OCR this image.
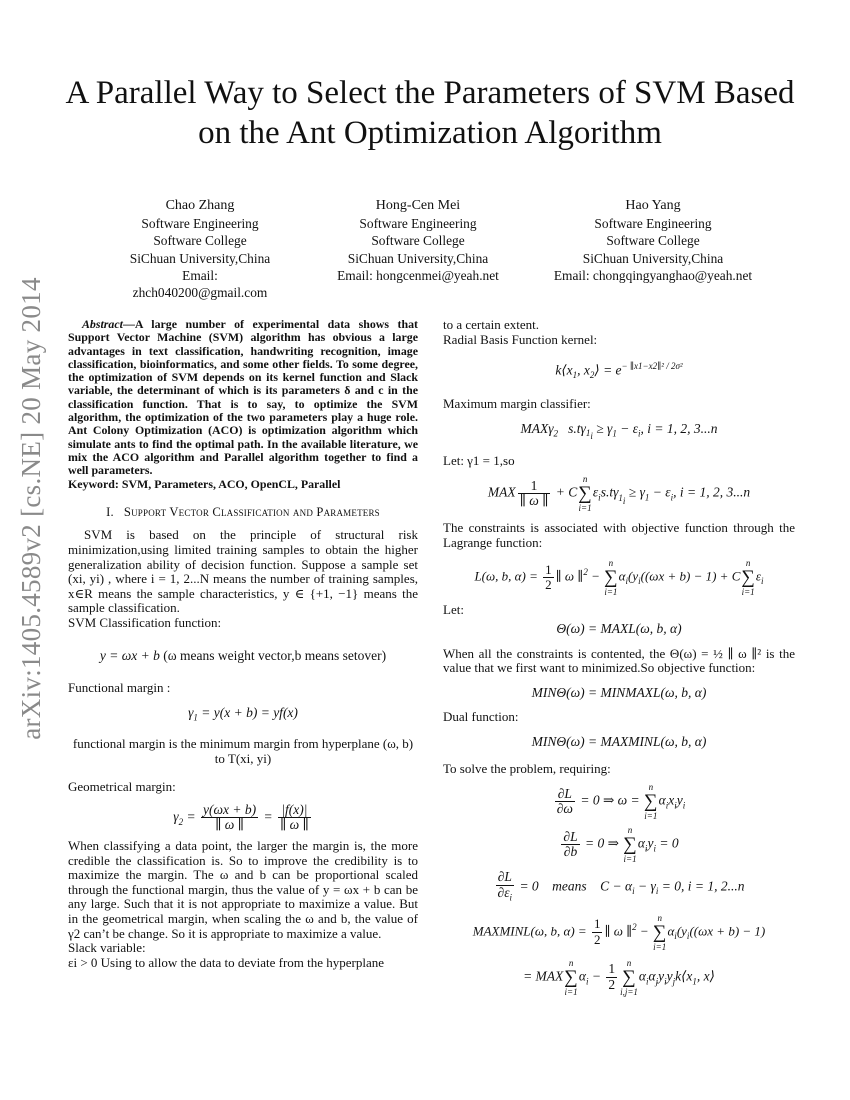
arXiv:1405.4589v2 [cs.NE] 20 May 2014
A Parallel Way to Select the Parameters of SVM Based on the Ant Optimization Algorithm
Chao Zhang
Software Engineering
Software College
SiChuan University,China
Email: zhch040200@gmail.com
Hong-Cen Mei
Software Engineering
Software College
SiChuan University,China
Email: hongcenmei@yeah.net
Hao Yang
Software Engineering
Software College
SiChuan University,China
Email: chongqingyanghao@yeah.net

Abstract—A large number of experimental data shows that Support Vector Machine (SVM) algorithm has obvious a large advantages in text classification, handwriting recognition, image classification, bioinformatics, and some other fields. To some degree, the optimization of SVM depends on its kernel function and Slack variable, the determinant of which is its parameters δ and c in the classification function. That is to say, to optimize the SVM algorithm, the optimization of the two parameters play a huge role. Ant Colony Optimization (ACO) is optimization algorithm which simulate ants to find the optimal path. In the available literature, we mix the ACO algorithm and Parallel algorithm together to find a well parameters.

Keyword: SVM, Parameters, ACO, OpenCL, Parallel

I. Support Vector Classification and Parameters

SVM is based on the principle of structural risk minimization,using limited training samples to obtain the higher generalization ability of decision function. Suppose a sample set (xi, yi) , where i = 1, 2...N means the number of training samples, x∈R means the sample characteristics, y ∈ {+1, −1} means the sample classification.

SVM Classification function:

y = ωx + b (ω means weight vector,b means setover)

Functional margin :

$\gamma_1 = y(x + b) = yf(x)$

functional margin is the minimum margin from hyperplane (ω, b) to T(xi, yi)

Geometrical margin:

$\gamma_2 = \frac{y(\omega x + b)}{\parallel \omega \parallel} = \frac{|f(x)|}{\parallel \omega \parallel}$

When classifying a data point, the larger the margin is, the more credible the classification is. So to improve the credibility is to maximize the margin. The ω and b can be proportional scaled through the functional margin, thus the value of y = ωx + b can be any large. Such that it is not appropriate to maximize a value. But in the geometrical margin, when scaling the ω and b, the value of γ2 can’t be change. So it is appropriate to maximize a value.

Slack variable:

εi > 0 Using to allow the data to deviate from the hyperplane

to a certain extent.

Radial Basis Function kernel:

$k⟨x_1$, $x_2⟩ = e^{- \parallel x1-x2\parallel^2 / 2\sigma^2}$

Maximum margin classifier:

MAXγ$_2$   $s.t\gamma_{1_i} \ge \gamma_1 - \varepsilon_i$, i = 1, 2, 3...n

Let: γ1 = 1,so

MAX $\frac{1}{\parallel \omega \parallel} + Cn$
∑
$i=1\varepsilon_is.t\gamma_{1_i} \ge \gamma_1 - \varepsilon_i$, i = 1, 2, 3...n

The constraints is associated with objective function through the Lagrange function:

L(ω, b, $\alpha) = \frac{1}{2}$ ∥ ω ∥$^2$ − n
∑
$i=1\alpha_i(y_i((\omega x + b) - 1) + Cn$
∑
$i=1\varepsilon_i$

Let:

Θ(ω) = MAXL(ω, b, α)

When all the constraints is contented, the Θ(ω) = ½ ∥ ω ∥² is the value that we first want to minimized.So objective function:

MINΘ(ω) = MINMAXL(ω, b, α)

Dual function:

MINΘ(ω) = MAXMINL(ω, b, α)

To solve the problem, requiring:

$\frac{\partial L}{\partial\omega} = 0$ ⇒ ω = n
∑
$i=1\alpha_ix_iy_i$
$\frac{\partial L}{\partial b} = 0$ ⇒ n
∑
$i=1\alpha_iy_i = 0$
$\frac{\partial L}{\partial\varepsilon_i} = 0$    means    $C - \alpha_i - \gamma_i = 0$, i = 1, 2...n
MAXMINL(ω, b, $\alpha) = \frac{1}{2}$ ∥ ω ∥$^2$ − n
∑
$i=1\alpha_i(y_i((\omega x + b) - 1)$
= MAXn
∑
$i=1\alpha_i - \frac{1}{2}$ n
∑
$i,j=1\alpha_i\alpha_jy_iy_jk⟨x_1$, x⟩
